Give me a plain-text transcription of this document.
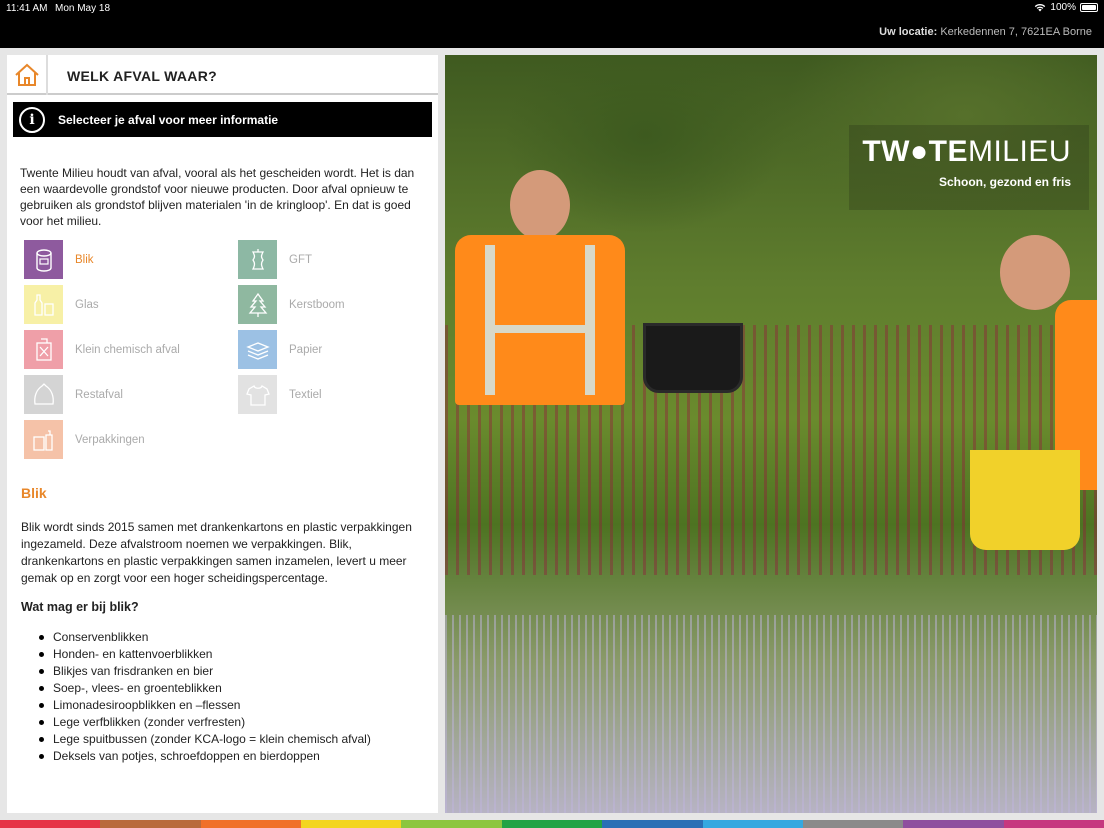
11:41 AM Mon May 18	100%
Uw locatie: Kerkedennen 7, 7621EA Borne
WELK AFVAL WAAR?
i	Selecteer je afval voor meer informatie

Twente Milieu houdt van afval, vooral als het gescheiden wordt. Het is dan een waardevolle grondstof voor nieuwe producten. Door afval opnieuw te gebruiken als grondstof blijven materialen 'in de kringloop'. En dat is goed voor het milieu.

Blik	GFT
Glas	Kerstboom
Klein chemisch afval	Papier
Restafval	Textiel
Verpakkingen
Blik

Blik wordt sinds 2015 samen met drankenkartons en plastic verpakkingen ingezameld. Deze afvalstroom noemen we verpakkingen. Blik, drankenkartons en plastic verpakkingen samen inzamelen, levert u meer gemak op en zorgt voor een hoger scheidingspercentage.

Wat mag er bij blik?
Conservenblikken
Honden- en kattenvoerblikken
Blikjes van frisdranken en bier
Soep-, vlees- en groenteblikken
Limonadesiroopblikken en –flessen
Lege verfblikken (zonder verfresten)
Lege spuitbussen (zonder KCA-logo = klein chemisch afval)
Deksels van potjes, schroefdoppen en bierdoppen
TW●TEMILIEU
Schoon, gezond en fris
